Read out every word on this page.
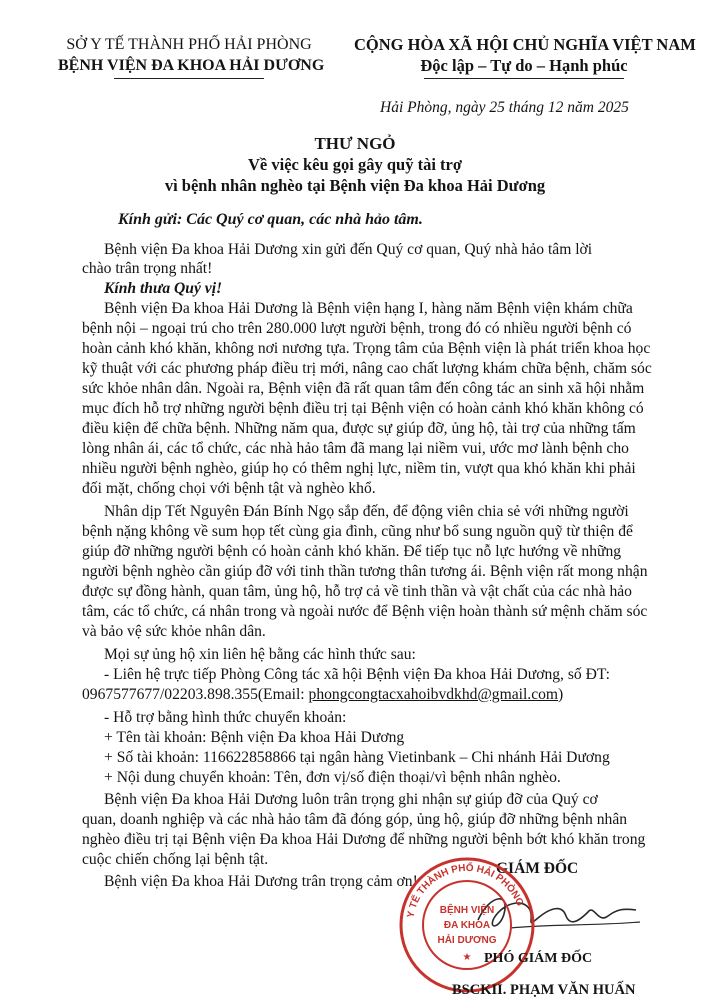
SỞ Y TẾ THÀNH PHỐ HẢI PHÒNG
BỆNH VIỆN ĐA KHOA HẢI DƯƠNG
CỘNG HÒA XÃ HỘI CHỦ NGHĨA VIỆT NAM
Độc lập – Tự do – Hạnh phúc
Hải Phòng, ngày 25 tháng 12 năm 2025
THƯ NGỎ
Về việc kêu gọi gây quỹ tài trợ
vì bệnh nhân nghèo tại Bệnh viện Đa khoa Hải Dương
Kính gửi: Các Quý cơ quan, các nhà hảo tâm.
Bệnh viện Đa khoa Hải Dương xin gửi đến Quý cơ quan, Quý nhà hảo tâm lời
chào trân trọng nhất!
Kính thưa Quý vị!
Bệnh viện Đa khoa Hải Dương là Bệnh viện hạng I, hàng năm Bệnh viện khám chữa
bệnh nội – ngoại trú cho trên 280.000 lượt người bệnh, trong đó có nhiều người bệnh có
hoàn cảnh khó khăn, không nơi nương tựa. Trọng tâm của Bệnh viện là phát triển khoa học
kỹ thuật với các phương pháp điều trị mới, nâng cao chất lượng khám chữa bệnh, chăm sóc
sức khỏe nhân dân. Ngoài ra, Bệnh viện đã rất quan tâm đến công tác an sinh xã hội nhằm
mục đích hỗ trợ những người bệnh điều trị tại Bệnh viện có hoàn cảnh khó khăn không có
điều kiện để chữa bệnh. Những năm qua, được sự giúp đỡ, ủng hộ, tài trợ của những tấm
lòng nhân ái, các tổ chức, các nhà hảo tâm đã mang lại niềm vui, ước mơ lành bệnh cho
nhiều người bệnh nghèo, giúp họ có thêm nghị lực, niềm tin, vượt qua khó khăn khi phải
đối mặt, chống chọi với bệnh tật và nghèo khổ.
Nhân dịp Tết Nguyên Đán Bính Ngọ sắp đến, để động viên chia sẻ với những người
bệnh nặng không về sum họp tết cùng gia đình, cũng như bổ sung nguồn quỹ từ thiện để
giúp đỡ những người bệnh có hoàn cảnh khó khăn. Để tiếp tục nỗ lực hướng về những
người bệnh nghèo cần giúp đỡ với tinh thần tương thân tương ái. Bệnh viện rất mong nhận
được sự đồng hành, quan tâm, ủng hộ, hỗ trợ cả về tinh thần và vật chất của các nhà hảo
tâm, các tổ chức, cá nhân trong và ngoài nước để Bệnh viện hoàn thành sứ mệnh chăm sóc
và bảo vệ sức khỏe nhân dân.
Mọi sự ủng hộ xin liên hệ bằng các hình thức sau:
- Liên hệ trực tiếp Phòng Công tác xã hội Bệnh viện Đa khoa Hải Dương, số ĐT:
0967577677/02203.898.355(Email: phongcongtacxahoibvdkhd@gmail.com)
- Hỗ trợ bằng hình thức chuyển khoản:
+ Tên tài khoản: Bệnh viện Đa khoa Hải Dương
+ Số tài khoản: 116622858866 tại ngân hàng Vietinbank – Chi nhánh Hải Dương
+ Nội dung chuyển khoản: Tên, đơn vị/số điện thoại/vì bệnh nhân nghèo.
Bệnh viện Đa khoa Hải Dương luôn trân trọng ghi nhận sự giúp đỡ của Quý cơ
quan, doanh nghiệp và các nhà hảo tâm đã đóng góp, ủng hộ, giúp đỡ những bệnh nhân
nghèo điều trị tại Bệnh viện Đa khoa Hải Dương để những người bệnh bớt khó khăn trong
cuộc chiến chống lại bệnh tật.
Bệnh viện Đa khoa Hải Dương trân trọng cảm ơn!
GIÁM ĐỐC
Y TẾ THÀNH PHỐ HẢI PHÒNG
BỆNH VIỆN
ĐA KHOA
HẢI DƯƠNG
★ PHÓ GIÁM ĐỐC
BSCKII. PHẠM VĂN HUẤN
